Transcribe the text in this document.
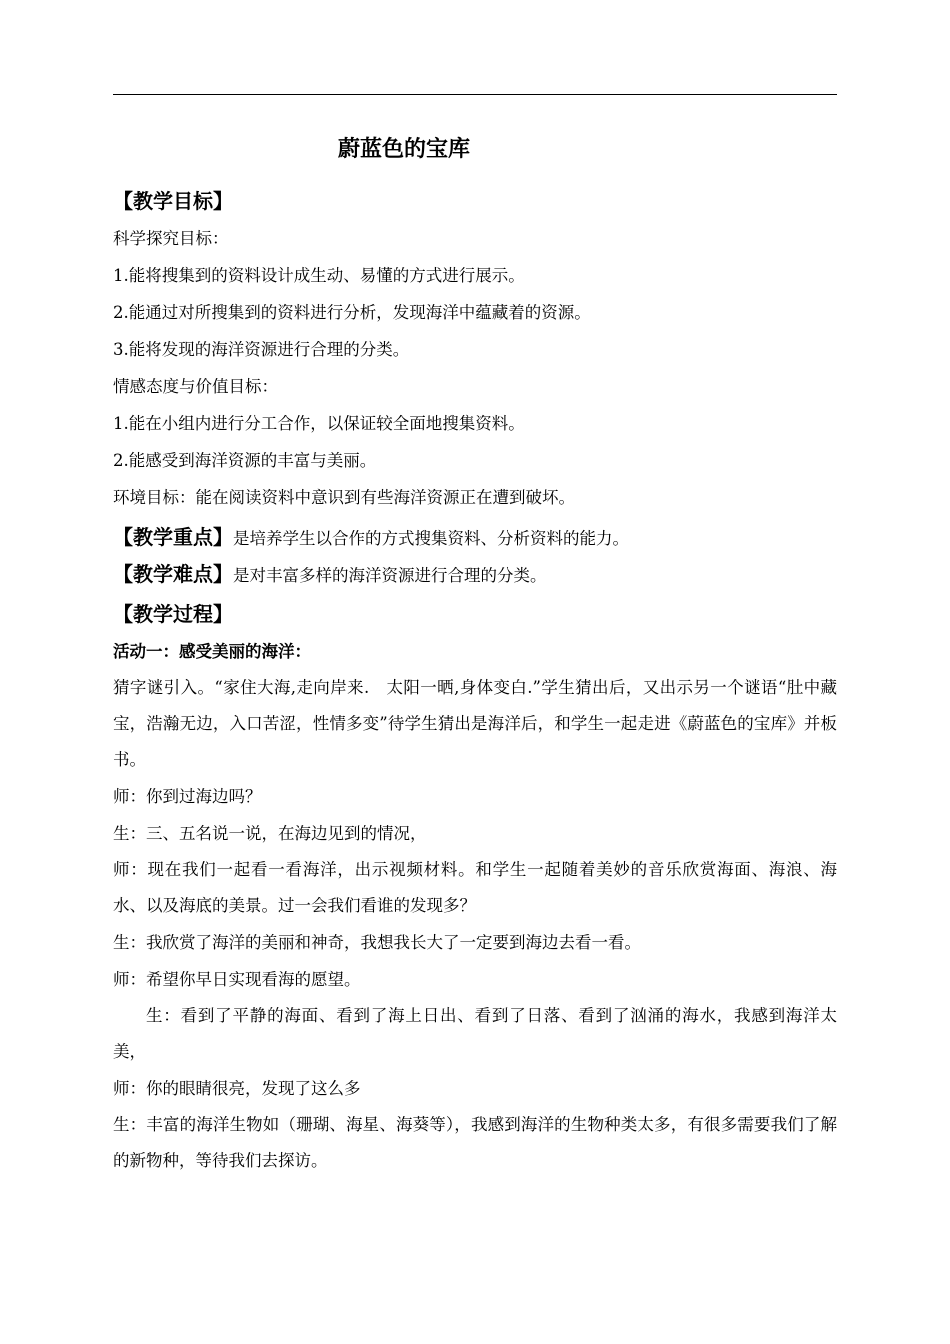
蔚蓝色的宝库
【教学目标】
科学探究目标：
1.能将搜集到的资料设计成生动、易懂的方式进行展示。
2.能通过对所搜集到的资料进行分析，发现海洋中蕴藏着的资源。
3.能将发现的海洋资源进行合理的分类。
情感态度与价值目标：
1.能在小组内进行分工合作，以保证较全面地搜集资料。
2.能感受到海洋资源的丰富与美丽。
环境目标：能在阅读资料中意识到有些海洋资源正在遭到破坏。
【教学重点】是培养学生以合作的方式搜集资料、分析资料的能力。
【教学难点】是对丰富多样的海洋资源进行合理的分类。
【教学过程】
活动一：感受美丽的海洋：
猜字谜引入。“家住大海,走向岸来.　太阳一晒,身体变白.”学生猜出后，又出示另一个谜语“肚中藏宝，浩瀚无边，入口苦涩，性情多变”待学生猜出是海洋后，和学生一起走进《蔚蓝色的宝库》并板书。
师：你到过海边吗？
生：三、五名说一说，在海边见到的情况，
师：现在我们一起看一看海洋，出示视频材料。和学生一起随着美妙的音乐欣赏海面、海浪、海水、以及海底的美景。过一会我们看谁的发现多？
生：我欣赏了海洋的美丽和神奇，我想我长大了一定要到海边去看一看。
师：希望你早日实现看海的愿望。
生：看到了平静的海面、看到了海上日出、看到了日落、看到了汹涌的海水，我感到海洋太美，
师：你的眼睛很亮，发现了这么多
生：丰富的海洋生物如（珊瑚、海星、海葵等），我感到海洋的生物种类太多，有很多需要我们了解的新物种，等待我们去探访。
